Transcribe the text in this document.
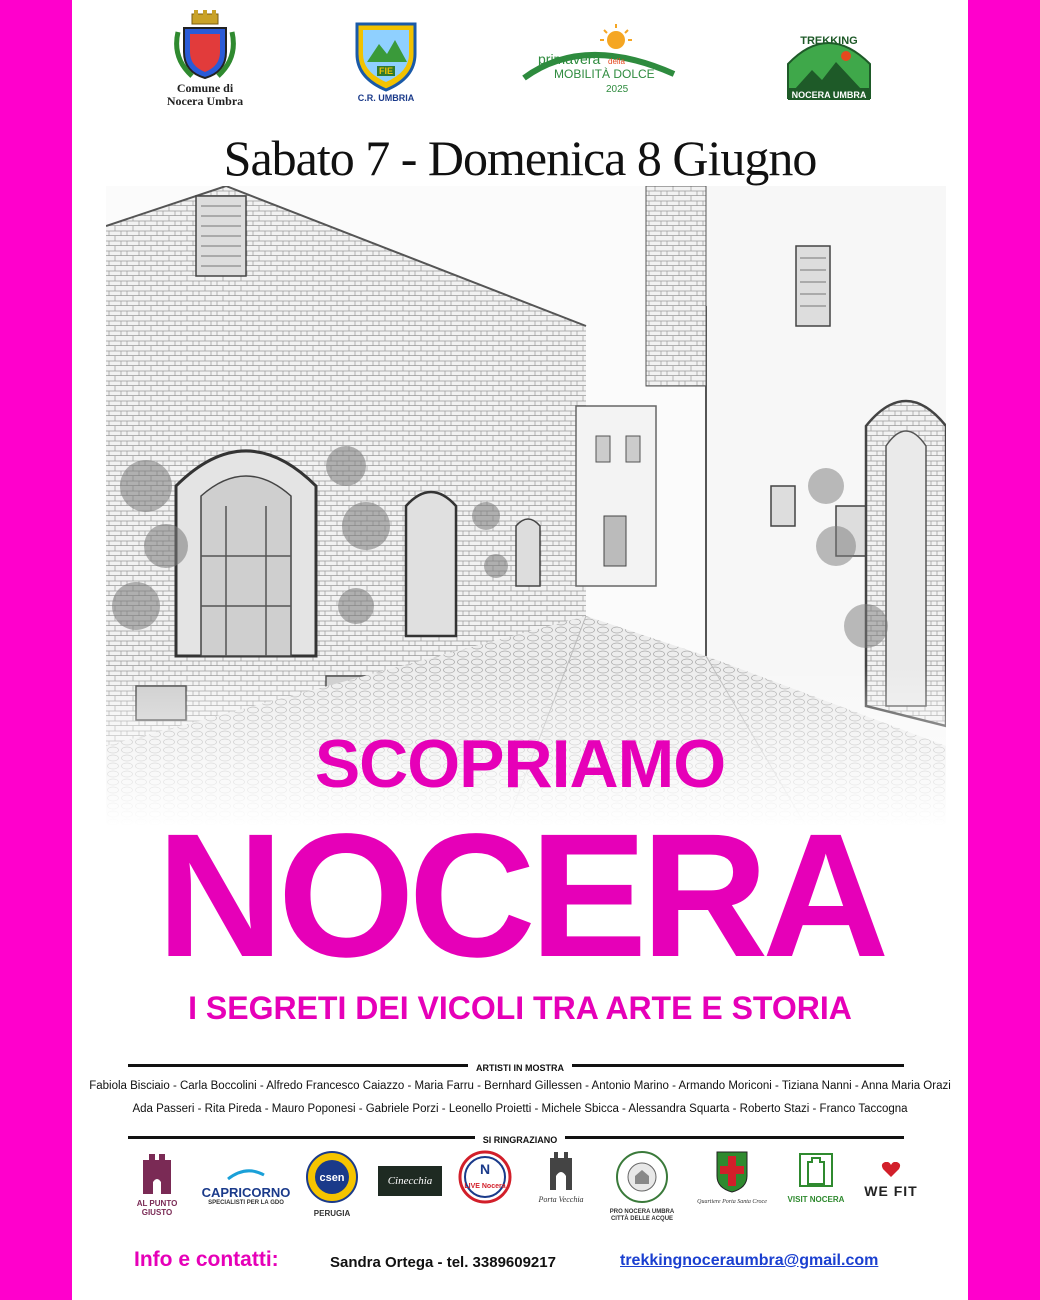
Comune di
Nocera Umbra
FIE
C.R. UMBRIA
primavera della
MOBILITÀ DOLCE
2025
TREKKING
NOCERA UMBRA
Sabato 7 - Domenica 8 Giugno
SCOPRIAMO
NOCERA
I SEGRETI DEI VICOLI TRA ARTE E STORIA
ARTISTI IN MOSTRA
Fabiola Bisciaio - Carla Boccolini - Alfredo Francesco Caiazzo - Maria Farru - Bernhard Gillessen - Antonio Marino - Armando Moriconi - Tiziana Nanni - Anna Maria Orazi
Ada Passeri - Rita Pireda - Mauro Poponesi - Gabriele Porzi - Leonello Proietti - Michele Sbicca - Alessandra Squarta - Roberto Stazi - Franco Taccogna
SI RINGRAZIANO
AL PUNTO GIUSTO
CAPRICORNO
SPECIALISTI PER LA GDO
csen
PERUGIA
Cinecchia
N
LIVE Nocera
Porta Vecchia
PRO NOCERA UMBRA
CITTÀ DELLE ACQUE
Quartiere Porta Santa Croce	VISIT NOCERA
WE FIT
Info e contatti:	Sandra Ortega - tel. 3389609217	trekkingnoceraumbra@gmail.com
